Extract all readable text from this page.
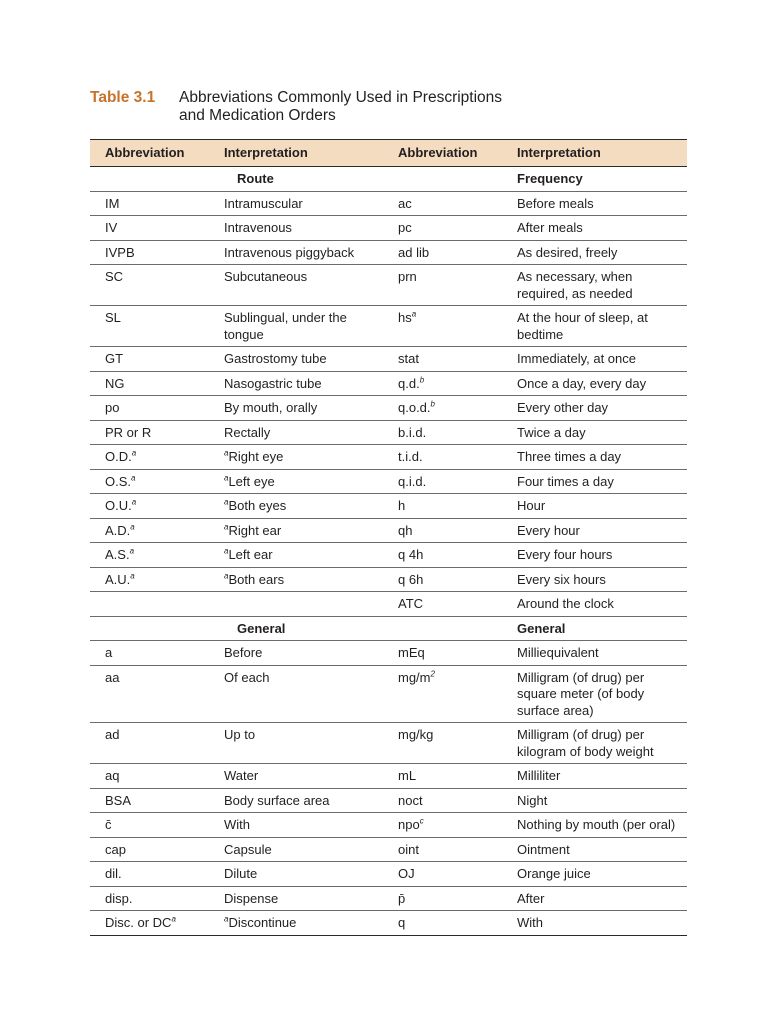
Table 3.1 Abbreviations Commonly Used in Prescriptions
and Medication Orders
Abbreviation	Interpretation	Abbreviation	Interpretation
	Route		Frequency
IM	Intramuscular	ac	Before meals
IV	Intravenous	pc	After meals
IVPB	Intravenous piggyback	ad lib	As desired, freely
SC	Subcutaneous	prn	As necessary, when required, as needed
SL	Sublingual, under the tongue	$hs^a$	At the hour of sleep, at bedtime
GT	Gastrostomy tube	stat	Immediately, at once
NG	Nasogastric tube	q.d.$^b$	Once a day, every day
po	By mouth, orally	q.o.d.$^b$	Every other day
PR or R	Rectally	b.i.d.	Twice a day
O.D.$^a$	$^a$Right eye	t.i.d.	Three times a day
O.S.$^a$	$^a$Left eye	q.i.d.	Four times a day
O.U.$^a$	$^a$Both eyes	h	Hour
A.D.$^a$	$^a$Right ear	qh	Every hour
A.S.$^a$	$^a$Left ear	q 4h	Every four hours
A.U.$^a$	$^a$Both ears	q 6h	Every six hours
		ATC	Around the clock
	General		General
a	Before	mEq	Milliequivalent
aa	Of each	$mg/m^2$	Milligram (of drug) per square meter (of body surface area)
ad	Up to	mg/kg	Milligram (of drug) per kilogram of body weight
aq	Water	mL	Milliliter
BSA	Body surface area	noct	Night
c̄	With	npo$^c$	Nothing by mouth (per oral)
cap	Capsule	oint	Ointment
dil.	Dilute	OJ	Orange juice
disp.	Dispense	p̄	After
Disc. or $DC^a$	$^a$Discontinue	q	With
